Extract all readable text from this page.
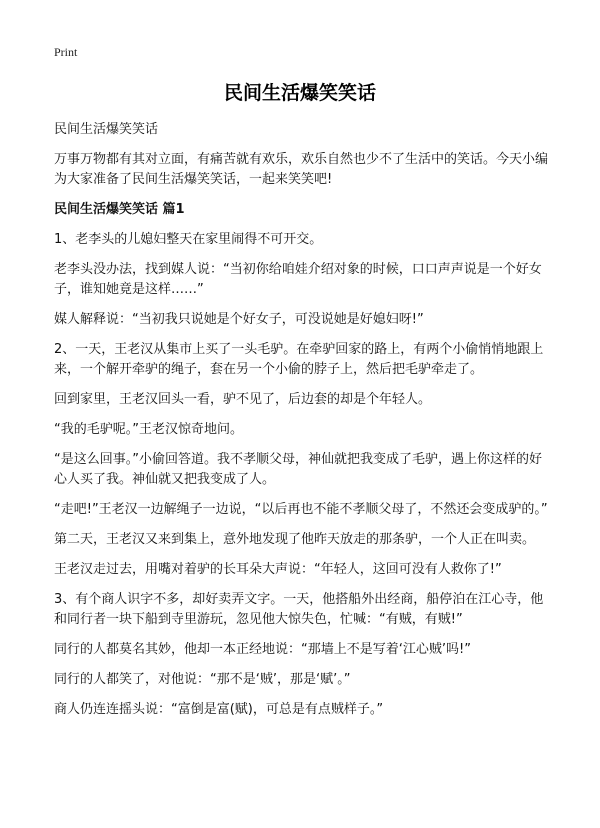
Print
民间生活爆笑笑话

民间生活爆笑笑话

万事万物都有其对立面，有痛苦就有欢乐，欢乐自然也少不了生活中的笑话。今天小编为大家准备了民间生活爆笑笑话，一起来笑笑吧!

民间生活爆笑笑话 篇1

1、老李头的儿媳妇整天在家里闹得不可开交。

老李头没办法，找到媒人说：“当初你给咱娃介绍对象的时候，口口声声说是一个好女子，谁知她竟是这样……”

媒人解释说：“当初我只说她是个好女子，可没说她是好媳妇呀!”

2、一天，王老汉从集市上买了一头毛驴。在牵驴回家的路上，有两个小偷悄悄地跟上来，一个解开牵驴的绳子，套在另一个小偷的脖子上，然后把毛驴牵走了。

回到家里，王老汉回头一看，驴不见了，后边套的却是个年轻人。

“我的毛驴呢。”王老汉惊奇地问。

“是这么回事。”小偷回答道。我不孝顺父母，神仙就把我变成了毛驴，遇上你这样的好心人买了我。神仙就又把我变成了人。

“走吧!”王老汉一边解绳子一边说，“以后再也不能不孝顺父母了，不然还会变成驴的。”

第二天，王老汉又来到集上，意外地发现了他昨天放走的那条驴，一个人正在叫卖。

王老汉走过去，用嘴对着驴的长耳朵大声说：“年轻人，这回可没有人救你了!”

3、有个商人识字不多，却好卖弄文字。一天，他搭船外出经商，船停泊在江心寺，他和同行者一块下船到寺里游玩，忽见他大惊失色，忙喊：“有贼，有贼!”

同行的人都莫名其妙，他却一本正经地说：“那墙上不是写着‘江心贼’吗!”

同行的人都笑了，对他说：“那不是‘贼’，那是‘赋’。”

商人仍连连摇头说：“富倒是富(赋)，可总是有点贼样子。”
